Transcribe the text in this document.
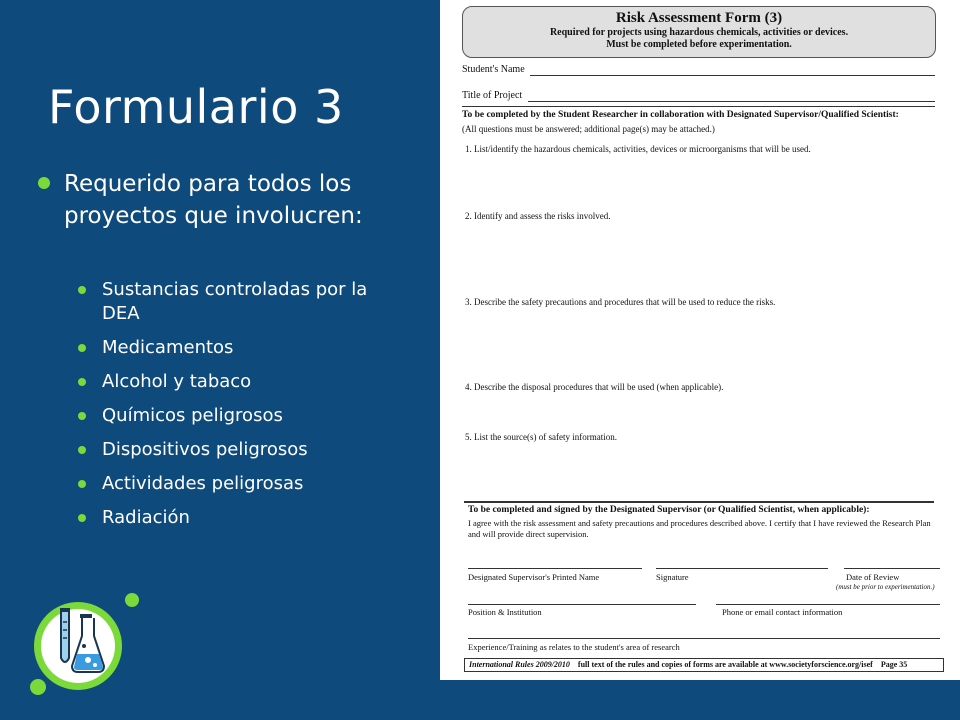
Formulario 3
Requerido para todos los proyectos que involucren:
Sustancias controladas por la DEA
Medicamentos
Alcohol y tabaco
Químicos peligrosos
Dispositivos peligrosos
Actividades peligrosas
Radiación
Risk Assessment Form (3)
Required for projects using hazardous chemicals, activities or devices.
Must be completed before experimentation.
Student's Name
Title of Project
To be completed by the Student Researcher in collaboration with Designated Supervisor/Qualified Scientist:
(All questions must be answered; additional page(s) may be attached.)
1. List/identify the hazardous chemicals, activities, devices or microorganisms that will be used.
2. Identify and assess the risks involved.
3. Describe the safety precautions and procedures that will be used to reduce the risks.
4. Describe the disposal procedures that will be used (when applicable).
5. List the source(s) of safety information.
To be completed and signed by the Designated Supervisor (or Qualified Scientist, when applicable):
I agree with the risk assessment and safety precautions and procedures described above. I certify that I have reviewed the Research Plan and will provide direct supervision.
Designated Supervisor's Printed Name	Signature	Date of Review
(must be prior to experimentation.)
Position & Institution	Phone or email contact information
Experience/Training as relates to the student's area of research
International Rules 2009/2010 full text of the rules and copies of forms are available at www.societyforscience.org/isef Page 35
